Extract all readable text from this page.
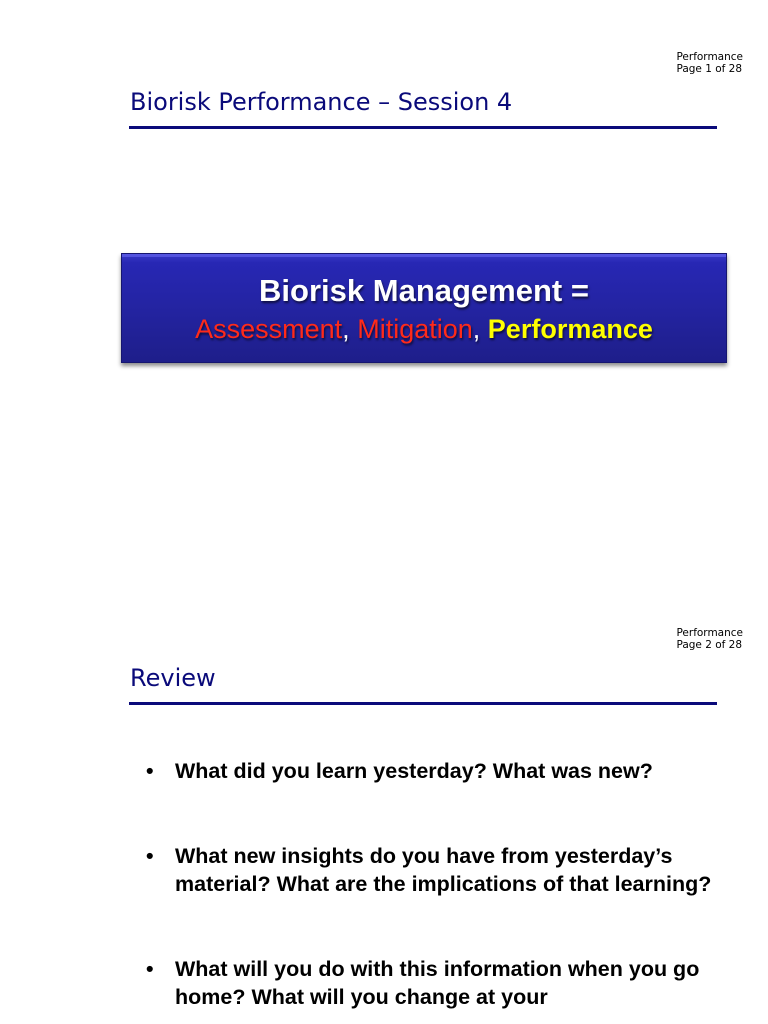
Performance
Page 1 of 28
Biorisk Performance – Session 4
Biorisk Management =
Assessment, Mitigation, Performance
Performance
Page 2 of 28
Review
• What did you learn yesterday? What was new?
• What new insights do you have from yesterday’s material? What are the implications of that learning?
• What will you do with this information when you go home? What will you change at your
